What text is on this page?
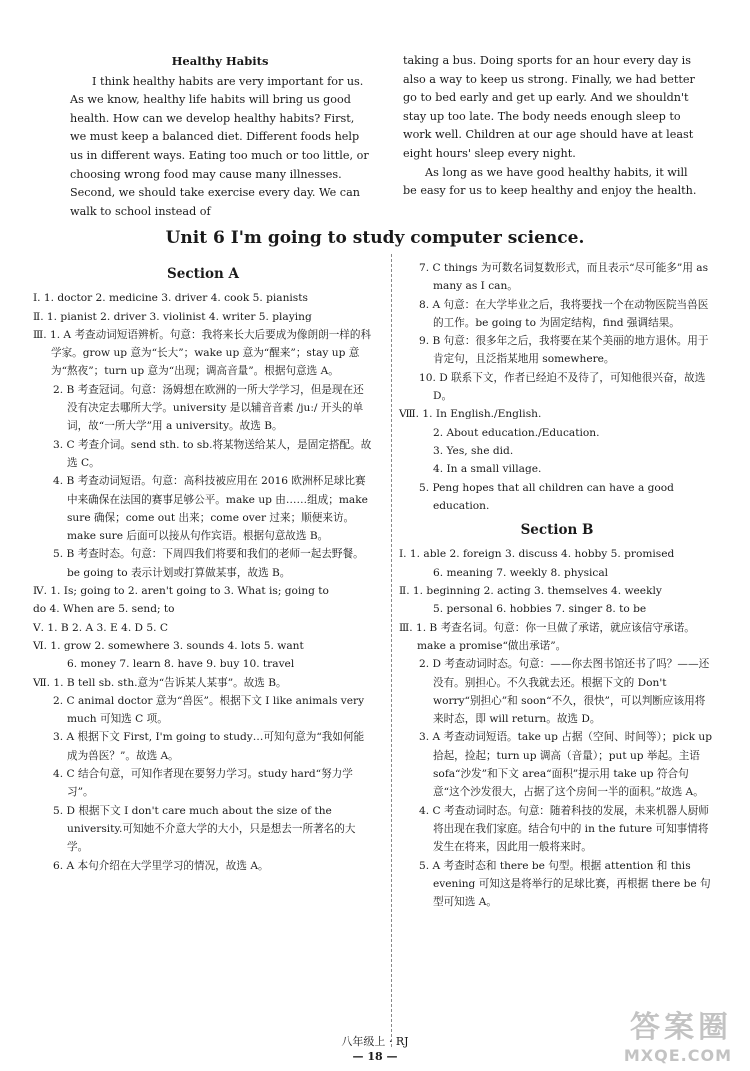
Healthy Habits

I think healthy habits are very important for us. As we know, healthy life habits will bring us good health. How can we develop healthy habits? First, we must keep a balanced diet. Different foods help us in different ways. Eating too much or too little, or choosing wrong food may cause many illnesses. Second, we should take exercise every day. We can walk to school instead of

taking a bus. Doing sports for an hour every day is also a way to keep us strong. Finally, we had better go to bed early and get up early. And we shouldn't stay up too late. The body needs enough sleep to work well. Children at our age should have at least eight hours' sleep every night.

As long as we have good healthy habits, it will be easy for us to keep healthy and enjoy the health.

Unit 6 I'm going to study computer science.

Section A

Ⅰ. 1. doctor 2. medicine 3. driver 4. cook 5. pianists

Ⅱ. 1. pianist 2. driver 3. violinist 4. writer 5. playing

Ⅲ. 1. A 考查动词短语辨析。句意：我将来长大后要成为像朗朗一样的科学家。grow up 意为“长大”；wake up 意为“醒来”；stay up 意为“熬夜”；turn up 意为“出现；调高音量”。根据句意选 A。

2. B 考查冠词。句意：汤姆想在欧洲的一所大学学习，但是现在还没有决定去哪所大学。university 是以辅音音素 /juː/ 开头的单词，故“一所大学”用 a university。故选 B。

3. C 考查介词。send sth. to sb.将某物送给某人，是固定搭配。故选 C。

4. B 考查动词短语。句意：高科技被应用在 2016 欧洲杯足球比赛中来确保在法国的赛事足够公平。make up 由……组成；make sure 确保；come out 出来；come over 过来；顺便来访。make sure 后面可以接从句作宾语。根据句意故选 B。

5. B 考查时态。句意：下周四我们将要和我们的老师一起去野餐。be going to 表示计划或打算做某事，故选 B。

Ⅳ. 1. Is; going to 2. aren't going to 3. What is; going to

do 4. When are 5. send; to

Ⅴ. 1. B 2. A 3. E 4. D 5. C

Ⅵ. 1. grow 2. somewhere 3. sounds 4. lots 5. want

6. money 7. learn 8. have 9. buy 10. travel

Ⅶ. 1. B tell sb. sth.意为“告诉某人某事”。故选 B。

2. C animal doctor 意为“兽医”。根据下文 I like animals very much 可知选 C 项。

3. A 根据下文 First, I'm going to study…可知句意为“我如何能成为兽医？”。故选 A。

4. C 结合句意，可知作者现在要努力学习。study hard“努力学习”。

5. D 根据下文 I don't care much about the size of the university.可知她不介意大学的大小，只是想去一所著名的大学。

6. A 本句介绍在大学里学习的情况，故选 A。

7. C things 为可数名词复数形式，而且表示“尽可能多”用 as many as I can。

8. A 句意：在大学毕业之后，我将要找一个在动物医院当兽医的工作。be going to 为固定结构，find 强调结果。

9. B 句意：很多年之后，我将要在某个美丽的地方退休。用于肯定句，且泛指某地用 somewhere。

10. D 联系下文，作者已经迫不及待了，可知他很兴奋，故选 D。

Ⅷ. 1. In English./English.

2. About education./Education.

3. Yes, she did.

4. In a small village.

5. Peng hopes that all children can have a good education.

Section B

Ⅰ. 1. able 2. foreign 3. discuss 4. hobby 5. promised

6. meaning 7. weekly 8. physical

Ⅱ. 1. beginning 2. acting 3. themselves 4. weekly

5. personal 6. hobbies 7. singer 8. to be

Ⅲ. 1. B 考查名词。句意：你一旦做了承诺，就应该信守承诺。make a promise“做出承诺”。

2. D 考查动词时态。句意：——你去图书馆还书了吗？——还没有。别担心。不久我就去还。根据下文的 Don't worry“别担心”和 soon“不久，很快”，可以判断应该用将来时态，即 will return。故选 D。

3. A 考查动词短语。take up 占据（空间、时间等）；pick up 拾起，捡起；turn up 调高（音量）；put up 举起。主语 sofa“沙发”和下文 area“面积”提示用 take up 符合句意“这个沙发很大，占据了这个房间一半的面积。”故选 A。

4. C 考查动词时态。句意：随着科技的发展，未来机器人厨师将出现在我们家庭。结合句中的 in the future 可知事情将发生在将来，因此用一般将来时。

5. A 考查时态和 there be 句型。根据 attention 和 this evening 可知这是将举行的足球比赛，再根据 there be 句型可知选 A。

八年级上 · RJ
— 18 —
答案圈
MXQE.COM
